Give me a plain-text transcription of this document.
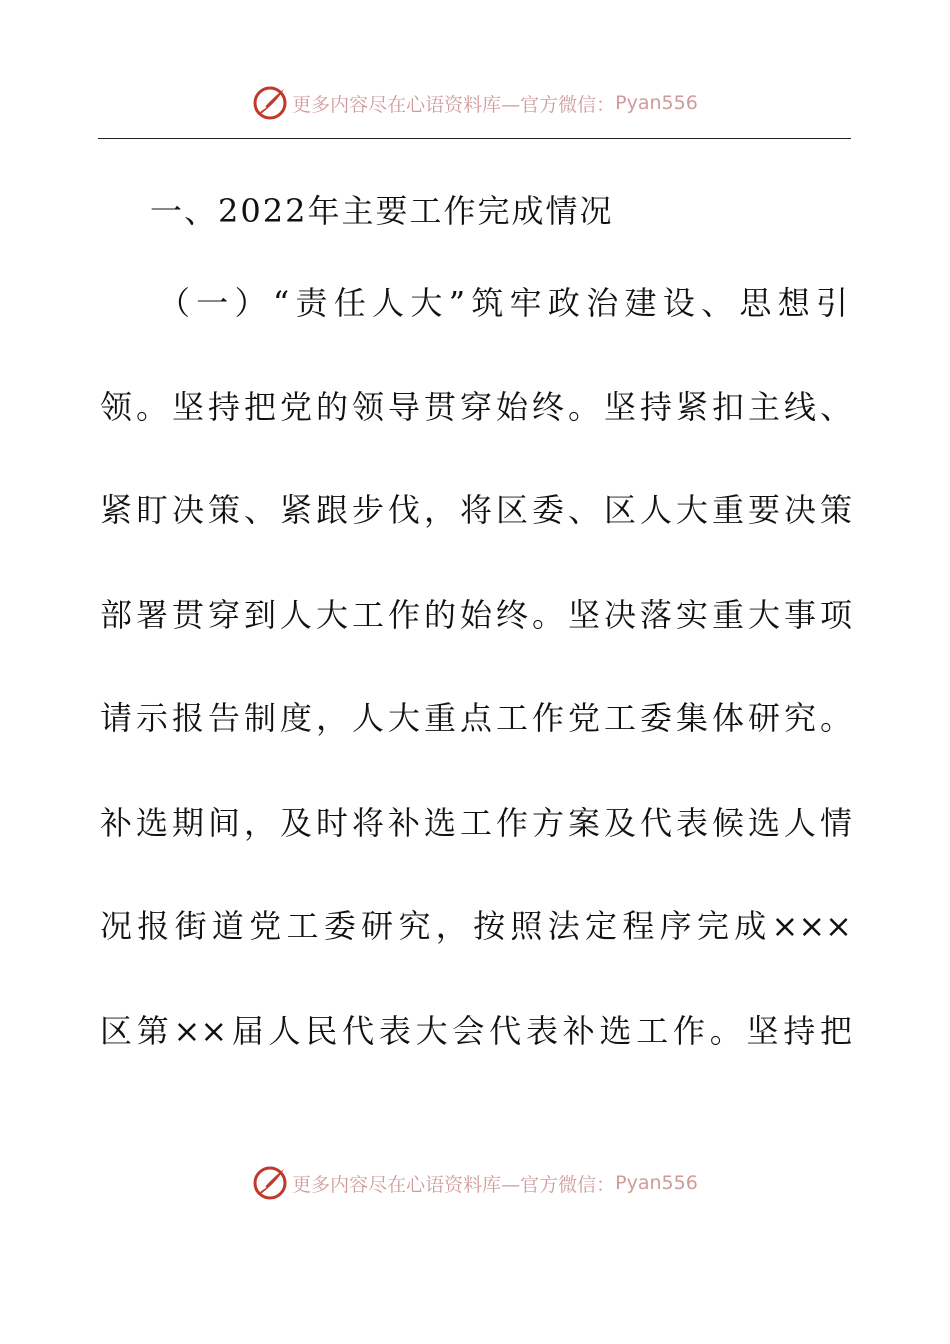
更多内容尽在心语资料库—官方微信： Pyan556
一、2022年主要工作完成情况
（一）“责任人大”筑牢政治建设、思想引
领。坚持把党的领导贯穿始终。坚持紧扣主线、
紧盯决策、紧跟步伐，将区委、区人大重要决策
部署贯穿到人大工作的始终。坚决落实重大事项
请示报告制度，人大重点工作党工委集体研究。
补选期间，及时将补选工作方案及代表候选人情
况报街道党工委研究，按照法定程序完成×××
区第××届人民代表大会代表补选工作。坚持把
更多内容尽在心语资料库—官方微信： Pyan556
